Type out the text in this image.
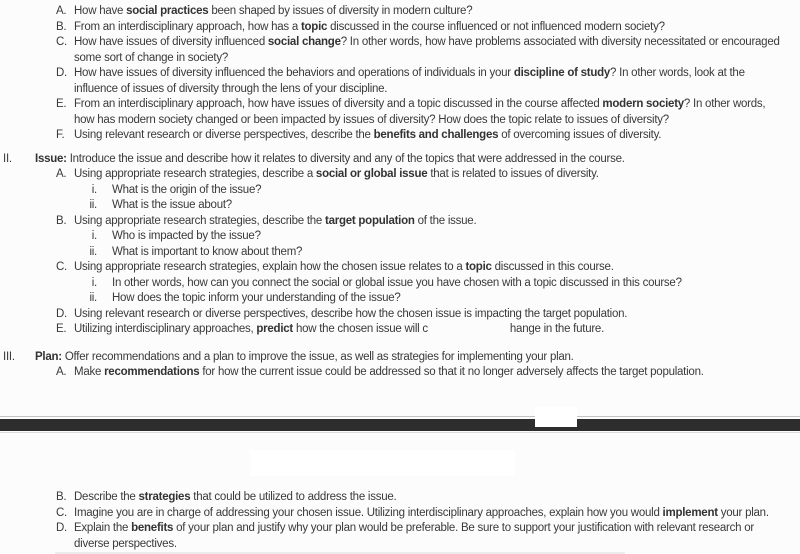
A. How have social practices been shaped by issues of diversity in modern culture?
B. From an interdisciplinary approach, how has a topic discussed in the course influenced or not influenced modern society?
C. How have issues of diversity influenced social change? In other words, how have problems associated with diversity necessitated or encouraged
some sort of change in society?
D. How have issues of diversity influenced the behaviors and operations of individuals in your discipline of study? In other words, look at the
influence of issues of diversity through the lens of your discipline.
E. From an interdisciplinary approach, how have issues of diversity and a topic discussed in the course affected modern society? In other words,
how has modern society changed or been impacted by issues of diversity? How does the topic relate to issues of diversity?
F. Using relevant research or diverse perspectives, describe the benefits and challenges of overcoming issues of diversity.
II. Issue: Introduce the issue and describe how it relates to diversity and any of the topics that were addressed in the course.
A. Using appropriate research strategies, describe a social or global issue that is related to issues of diversity.
i. What is the origin of the issue?
ii. What is the issue about?
B. Using appropriate research strategies, describe the target population of the issue.
i. Who is impacted by the issue?
ii. What is important to know about them?
C. Using appropriate research strategies, explain how the chosen issue relates to a topic discussed in this course.
i. In other words, how can you connect the social or global issue you have chosen with a topic discussed in this course?
ii. How does the topic inform your understanding of the issue?
D. Using relevant research or diverse perspectives, describe how the chosen issue is impacting the target population.
E. Utilizing interdisciplinary approaches, predict how the chosen issue will c	hange in the future.
III. Plan: Offer recommendations and a plan to improve the issue, as well as strategies for implementing your plan.
A. Make recommendations for how the current issue could be addressed so that it no longer adversely affects the target population.
B. Describe the strategies that could be utilized to address the issue.
C. Imagine you are in charge of addressing your chosen issue. Utilizing interdisciplinary approaches, explain how you would implement your plan.
D. Explain the benefits of your plan and justify why your plan would be preferable. Be sure to support your justification with relevant research or
diverse perspectives.
